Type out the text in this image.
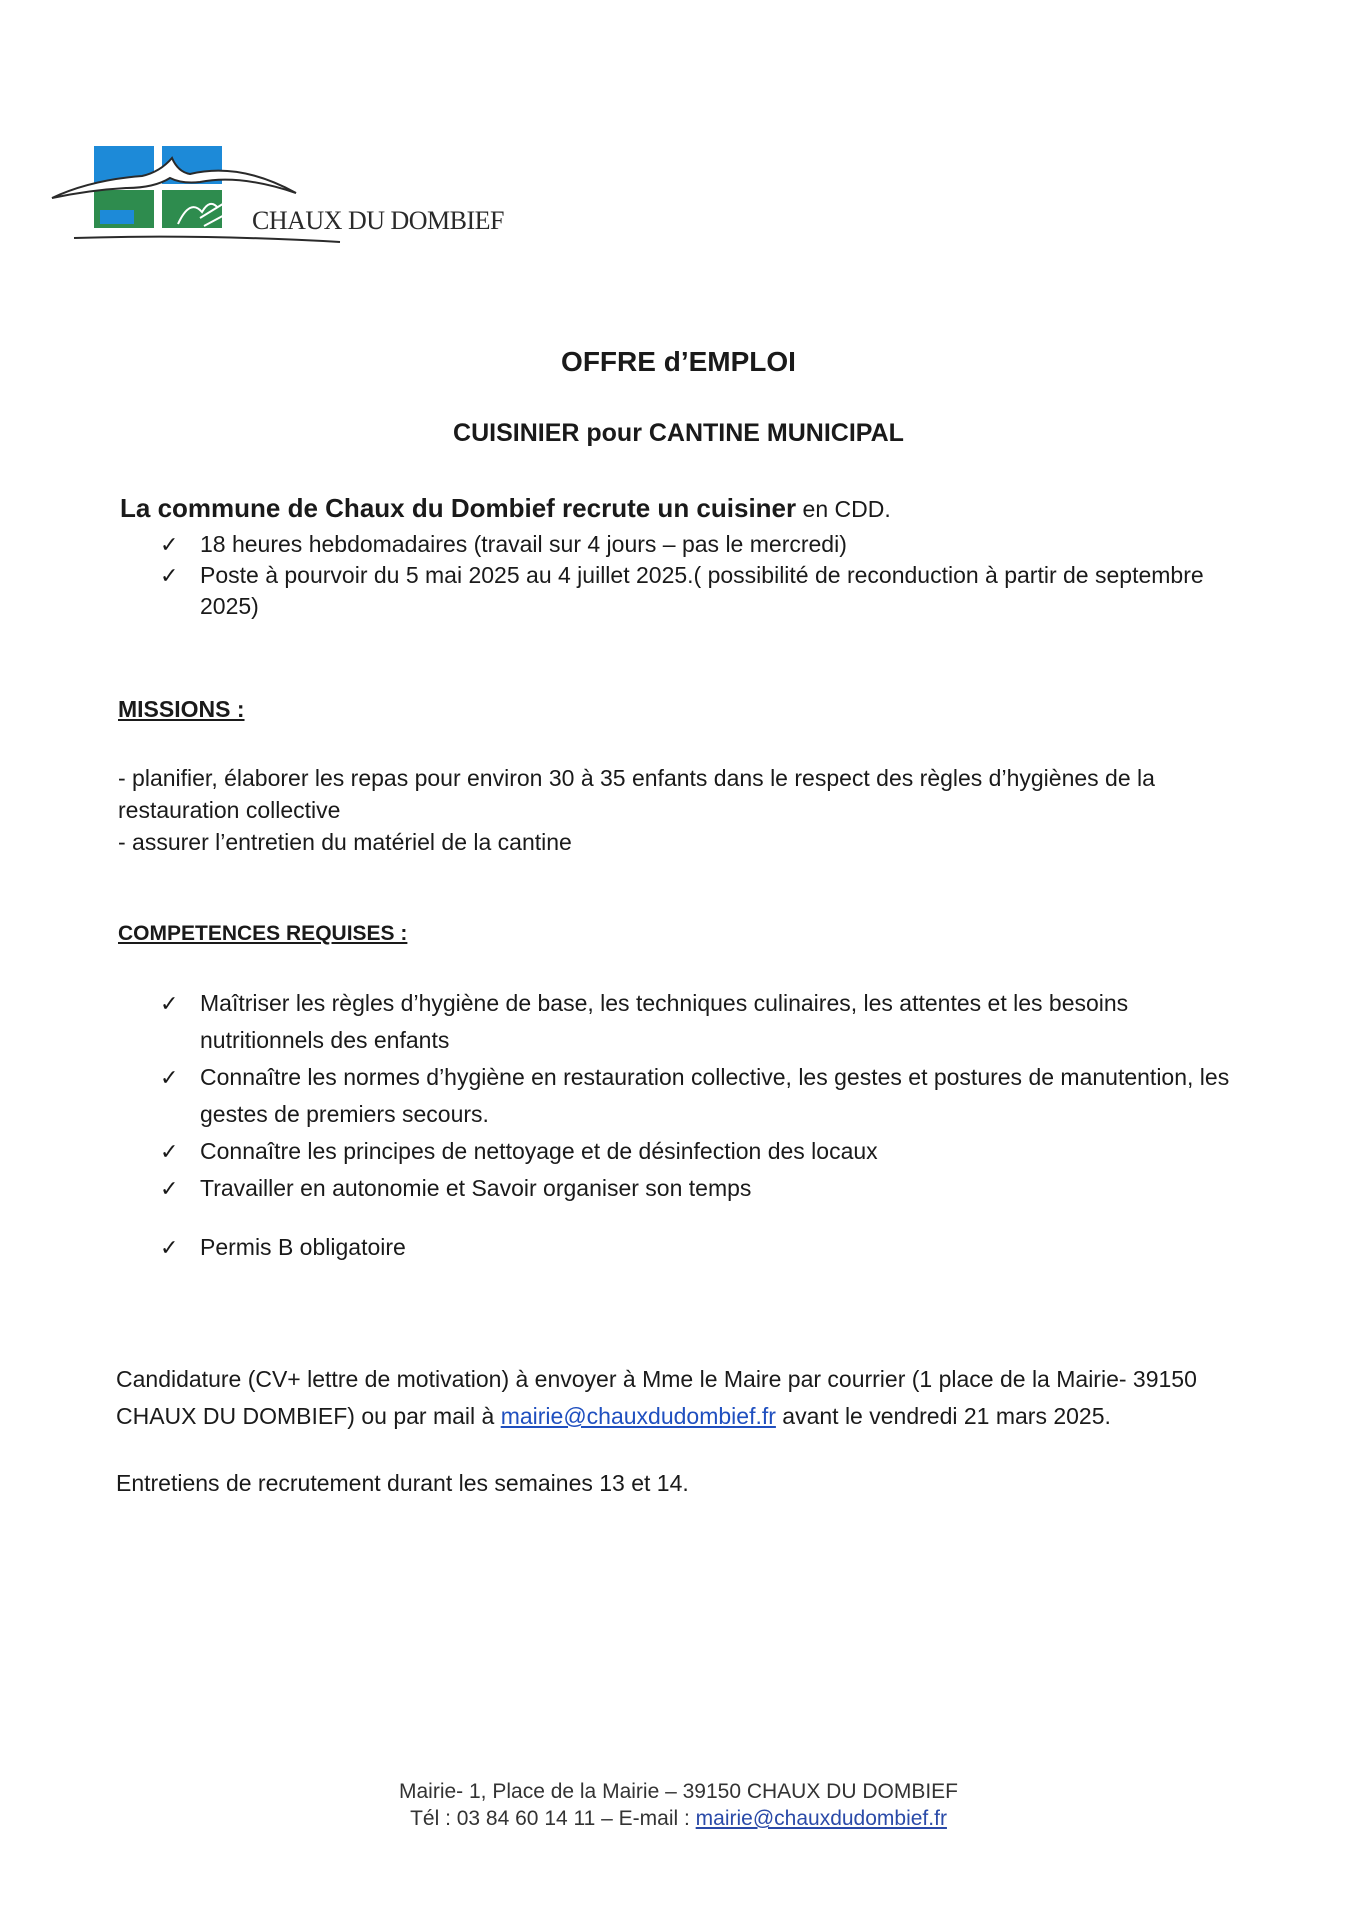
CHAUX DU DOMBIEF
OFFRE d’EMPLOI
CUISINIER pour CANTINE MUNICIPAL
La commune de Chaux du Dombief recrute un cuisiner en CDD.
✓ 18 heures hebdomadaires (travail sur 4 jours – pas le mercredi)
✓ Poste à pourvoir du 5 mai 2025 au 4 juillet 2025.( possibilité de reconduction à partir de septembre 2025)
MISSIONS :

- planifier, élaborer les repas pour environ 30 à 35 enfants dans le respect des règles d’hygiènes de la restauration collective

- assurer l’entretien du matériel de la cantine

COMPETENCES REQUISES :
✓ Maîtriser les règles d’hygiène de base, les techniques culinaires, les attentes et les besoins nutritionnels des enfants
✓ Connaître les normes d’hygiène en restauration collective, les gestes et postures de manutention, les gestes de premiers secours.
✓ Connaître les principes de nettoyage et de désinfection des locaux
✓ Travailler en autonomie et Savoir organiser son temps
✓ Permis B obligatoire
Candidature (CV+ lettre de motivation) à envoyer à Mme le Maire par courrier (1 place de la Mairie- 39150 CHAUX DU DOMBIEF) ou par mail à mairie@chauxdudombief.fr avant le vendredi 21 mars 2025.
Entretiens de recrutement durant les semaines 13 et 14.
Mairie- 1, Place de la Mairie – 39150 CHAUX DU DOMBIEF
Tél : 03 84 60 14 11 – E-mail : mairie@chauxdudombief.fr
